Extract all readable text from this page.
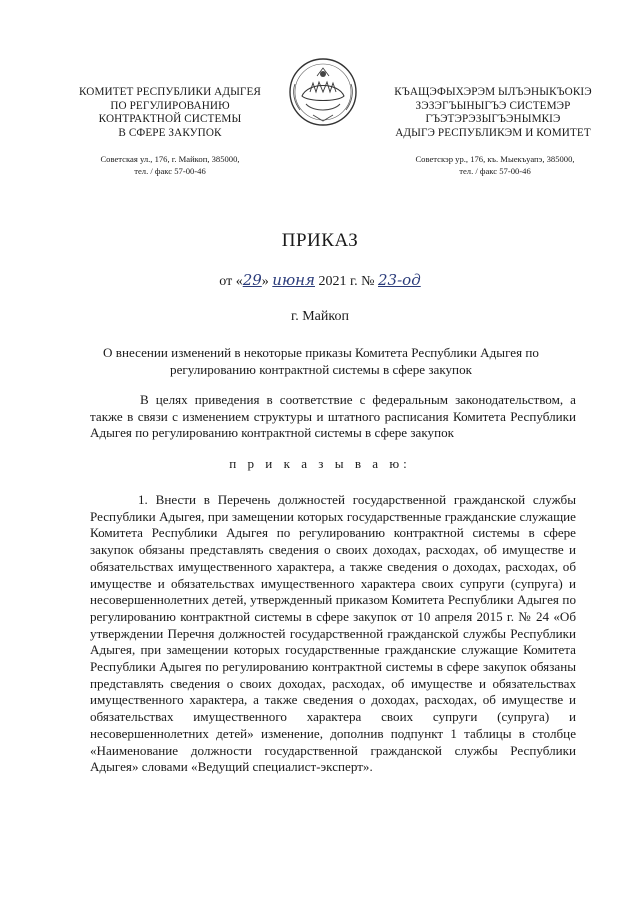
КОМИТЕТ РЕСПУБЛИКИ АДЫГЕЯ
ПО РЕГУЛИРОВАНИЮ
КОНТРАКТНОЙ СИСТЕМЫ
В СФЕРЕ ЗАКУПОК
Советская ул., 176, г. Майкоп, 385000,
тел. / факс 57-00-46
КЪАЩЭФЫХЭРЭМ ЫЛЪЭНЫКЪОКIЭ
ЗЭЗЭГЪЫНЫГЪЭ СИСТЕМЭР
ГЪЭТЭРЭЗЫГЪЭНЫМКIЭ
АДЫГЭ РЕСПУБЛИКЭМ И КОМИТЕТ
Советскэр ур., 176, къ. Мыекъуапэ, 385000,
тел. / факс 57-00-46
ПРИКАЗ
от «29» июня 2021 г. № 23-од
г. Майкоп
О внесении изменений в некоторые приказы Комитета Республики Адыгея по регулированию контрактной системы в сфере закупок
В целях приведения в соответствие с федеральным законодательством, а также в связи с изменением структуры и штатного расписания Комитета Республики Адыгея по регулированию контрактной системы в сфере закупок
п р и к а з ы в а ю:
1. Внести в Перечень должностей государственной гражданской службы Республики Адыгея, при замещении которых государственные гражданские служащие Комитета Республики Адыгея по регулированию контрактной системы в сфере закупок обязаны представлять сведения о своих доходах, расходах, об имуществе и обязательствах имущественного характера, а также сведения о доходах, расходах, об имуществе и обязательствах имущественного характера своих супруги (супруга) и несовершеннолетних детей, утвержденный приказом Комитета Республики Адыгея по регулированию контрактной системы в сфере закупок от 10 апреля 2015 г. № 24 «Об утверждении Перечня должностей государственной гражданской службы Республики Адыгея, при замещении которых государственные гражданские служащие Комитета Республики Адыгея по регулированию контрактной системы в сфере закупок обязаны представлять сведения о своих доходах, расходах, об имуществе и обязательствах имущественного характера, а также сведения о доходах, расходах, об имуществе и обязательствах имущественного характера своих супруги (супруга) и несовершеннолетних детей» изменение, дополнив подпункт 1 таблицы в столбце «Наименование должности государственной гражданской службы Республики Адыгея» словами «Ведущий специалист-эксперт».
